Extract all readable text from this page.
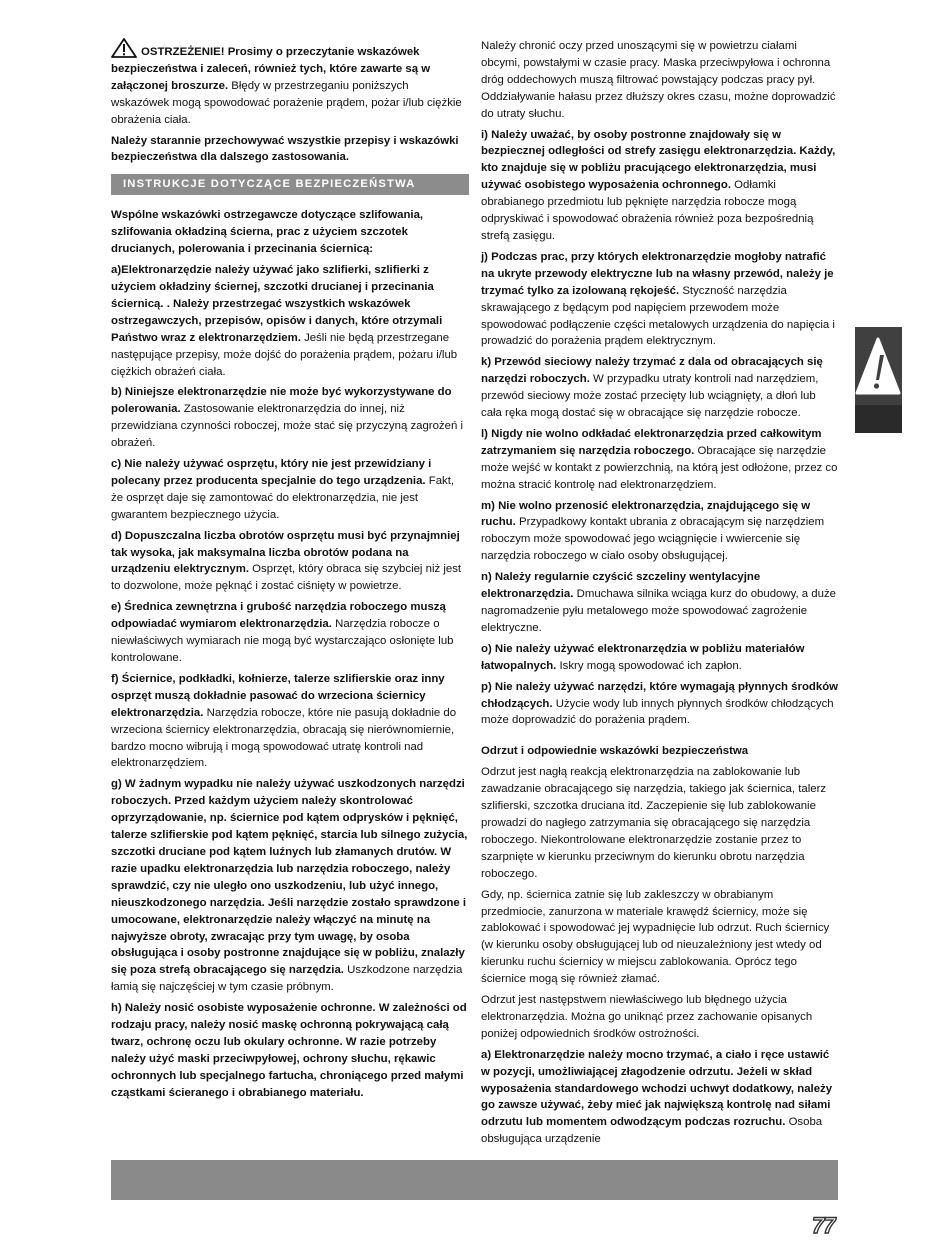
OSTRZEŻENIE! Prosimy o przeczytanie wskazówek bezpieczeństwa i zaleceń, również tych, które zawarte są w załączonej broszurze. Błędy w przestrzeganiu poniższych wskazówek mogą spowodować porażenie prądem, pożar i/lub ciężkie obrażenia ciała.

Należy starannie przechowywać wszystkie przepisy i wskazówki bezpieczeństwa dla dalszego zastosowania.

INSTRUKCJE DOTYCZĄCE BEZPIECZEŃSTWA

Wspólne wskazówki ostrzegawcze dotyczące szlifowania, szlifowania okładziną ścierna, prac z użyciem szczotek drucianych, polerowania i przecinania ściernicą:

a)Elektronarzędzie należy używać jako szlifierki, szlifierki z użyciem okładziny ściernej, szczotki drucianej i przecinania ściernicą. . Należy przestrzegać wszystkich wskazówek ostrzegawczych, przepisów, opisów i danych, które otrzymali Państwo wraz z elektronarzędziem. Jeśli nie będą przestrzegane następujące przepisy, może dojść do porażenia prądem, pożaru i/lub ciężkich obrażeń ciała.

b) Niniejsze elektronarzędzie nie może być wykorzystywane do polerowania. Zastosowanie elektronarzędzia do innej, niż przewidziana czynności roboczej, może stać się przyczyną zagrożeń i obrażeń.

c) Nie należy używać osprzętu, który nie jest przewidziany i polecany przez producenta specjalnie do tego urządzenia. Fakt, że osprzęt daje się zamontować do elektronarzędzia, nie jest gwarantem bezpiecznego użycia.

d) Dopuszczalna liczba obrotów osprzętu musi być przynajmniej tak wysoka, jak maksymalna liczba obrotów podana na urządzeniu elektrycznym. Osprzęt, który obraca się szybciej niż jest to dozwolone, może pęknąć i zostać ciśnięty w powietrze.

e) Średnica zewnętrzna i grubość narzędzia roboczego muszą odpowiadać wymiarom elektronarzędzia. Narzędzia robocze o niewłaściwych wymiarach nie mogą być wystarczająco osłonięte lub kontrolowane.

f) Ściernice, podkładki, kołnierze, talerze szlifierskie oraz inny osprzęt muszą dokładnie pasować do wrzeciona ściernicy elektronarzędzia. Narzędzia robocze, które nie pasują dokładnie do wrzeciona ściernicy elektronarzędzia, obracają się nierównomiernie, bardzo mocno wibrują i mogą spowodować utratę kontroli nad elektronarzędziem.

g) W żadnym wypadku nie należy używać uszkodzonych narzędzi roboczych. Przed każdym użyciem należy skontrolować oprzyrządowanie, np. ściernice pod kątem odprysków i pęknięć, talerze szlifierskie pod kątem pęknięć, starcia lub silnego zużycia, szczotki druciane pod kątem luźnych lub złamanych drutów. W razie upadku elektronarzędzia lub narzędzia roboczego, należy sprawdzić, czy nie uległo ono uszkodzeniu, lub użyć innego, nieuszkodzonego narzędzia. Jeśli narzędzie zostało sprawdzone i umocowane, elektronarzędzie należy włączyć na minutę na najwyższe obroty, zwracając przy tym uwagę, by osoba obsługująca i osoby postronne znajdujące się w pobliżu, znalazły się poza strefą obracającego się narzędzia. Uszkodzone narzędzia łamią się najczęściej w tym czasie próbnym.

h) Należy nosić osobiste wyposażenie ochronne. W zależności od rodzaju pracy, należy nosić maskę ochronną pokrywającą całą twarz, ochronę oczu lub okulary ochronne. W razie potrzeby należy użyć maski przeciwpyłowej, ochrony słuchu, rękawic ochronnych lub specjalnego fartucha, chroniącego przed małymi cząstkami ścieranego i obrabianego materiału.

Należy chronić oczy przed unoszącymi się w powietrzu ciałami obcymi, powstałymi w czasie pracy. Maska przeciwpyłowa i ochronna dróg oddechowych muszą filtrować powstający podczas pracy pył. Oddziaływanie hałasu przez dłuższy okres czasu, możne doprowadzić do utraty słuchu.

i) Należy uważać, by osoby postronne znajdowały się w bezpiecznej odległości od strefy zasięgu elektronarzędzia. Każdy, kto znajduje się w pobliżu pracującego elektronarzędzia, musi używać osobistego wyposażenia ochronnego. Odłamki obrabianego przedmiotu lub pęknięte narzędzia robocze mogą odpryskiwać i spowodować obrażenia również poza bezpośrednią strefą zasięgu.

j) Podczas prac, przy których elektronarzędzie mogłoby natrafić na ukryte przewody elektryczne lub na własny przewód, należy je trzymać tylko za izolowaną rękojeść. Styczność narzędzia skrawającego z będącym pod napięciem przewodem może spowodować podłączenie części metalowych urządzenia do napięcia i prowadzić do porażenia prądem elektrycznym.

k) Przewód sieciowy należy trzymać z dala od obracających się narzędzi roboczych. W przypadku utraty kontroli nad narzędziem, przewód sieciowy może zostać przecięty lub wciągnięty, a dłoń lub cała ręka mogą dostać się w obracające się narzędzie robocze.

l) Nigdy nie wolno odkładać elektronarzędzia przed całkowitym zatrzymaniem się narzędzia roboczego. Obracające się narzędzie może wejść w kontakt z powierzchnią, na którą jest odłożone, przez co można stracić kontrolę nad elektronarzędziem.

m) Nie wolno przenosić elektronarzędzia, znajdującego się w ruchu. Przypadkowy kontakt ubrania z obracającym się narzędziem roboczym może spowodować jego wciągnięcie i wwiercenie się narzędzia roboczego w ciało osoby obsługującej.

n) Należy regularnie czyścić szczeliny wentylacyjne elektronarzędzia. Dmuchawa silnika wciąga kurz do obudowy, a duże nagromadzenie pyłu metalowego może spowodować zagrożenie elektryczne.

o) Nie należy używać elektronarzędzia w pobliżu materiałów łatwopalnych. Iskry mogą spowodować ich zapłon.

p) Nie należy używać narzędzi, które wymagają płynnych środków chłodzących. Użycie wody lub innych płynnych środków chłodzących może doprowadzić do porażenia prądem.

Odrzut i odpowiednie wskazówki bezpieczeństwa

Odrzut jest nagłą reakcją elektronarzędzia na zablokowanie lub zawadzanie obracającego się narzędzia, takiego jak ściernica, talerz szlifierski, szczotka druciana itd. Zaczepienie się lub zablokowanie prowadzi do nagłego zatrzymania się obracającego się narzędzia roboczego. Niekontrolowane elektronarzędzie zostanie przez to szarpnięte w kierunku przeciwnym do kierunku obrotu narzędzia roboczego.

Gdy, np. ściernica zatnie się lub zakleszczy w obrabianym przedmiocie, zanurzona w materiale krawędź ściernicy, może się zablokować i spowodować jej wypadnięcie lub odrzut. Ruch ściernicy (w kierunku osoby obsługującej lub od nieuzależniony jest wtedy od kierunku ruchu ściernicy w miejscu zablokowania. Oprócz tego ściernice mogą się również złamać.

Odrzut jest następstwem niewłaściwego lub błędnego użycia elektronarzędzia. Można go uniknąć przez zachowanie opisanych poniżej odpowiednich środków ostrożności.

a) Elektronarzędzie należy mocno trzymać, a ciało i ręce ustawić w pozycji, umożliwiającej złagodzenie odrzutu. Jeżeli w skład wyposażenia standardowego wchodzi uchwyt dodatkowy, należy go zawsze używać, żeby mieć jak największą kontrolę nad siłami odrzutu lub momentem odwodzącym podczas rozruchu. Osoba obsługująca urządzenie

77
